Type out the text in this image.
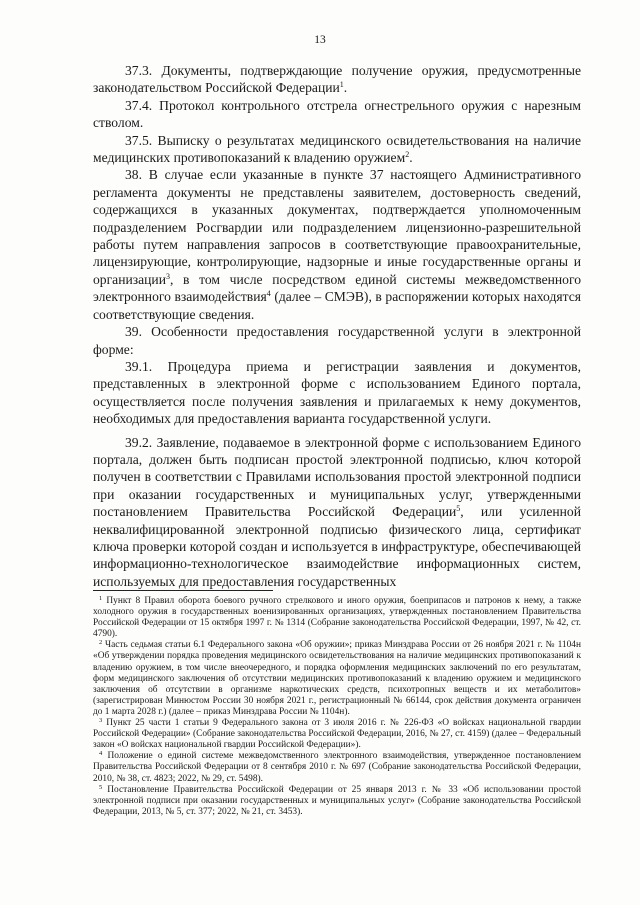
13

37.3. Документы, подтверждающие получение оружия, предусмотренные законодательством Российской Федерации$^1$.

37.4. Протокол контрольного отстрела огнестрельного оружия с нарезным стволом.

37.5. Выписку о результатах медицинского освидетельствования на наличие медицинских противопоказаний к владению оружием$^2$.

38. В случае если указанные в пункте 37 настоящего Административного регламента документы не представлены заявителем, достоверность сведений, содержащихся в указанных документах, подтверждается уполномоченным подразделением Росгвардии или подразделением лицензионно-разрешительной работы путем направления запросов в соответствующие правоохранительные, лицензирующие, контролирующие, надзорные и иные государственные органы и организации$^3$, в том числе посредством единой системы межведомственного электронного взаимодействия$^4$ (далее – СМЭВ), в распоряжении которых находятся соответствующие сведения.

39. Особенности предоставления государственной услуги в электронной форме:

39.1. Процедура приема и регистрации заявления и документов, представленных в электронной форме с использованием Единого портала, осуществляется после получения заявления и прилагаемых к нему документов, необходимых для предоставления варианта государственной услуги.

39.2. Заявление, подаваемое в электронной форме с использованием Единого портала, должен быть подписан простой электронной подписью, ключ которой получен в соответствии с Правилами использования простой электронной подписи при оказании государственных и муниципальных услуг, утвержденными постановлением Правительства Российской Федерации$^5$, или усиленной неквалифицированной электронной подписью физического лица, сертификат ключа проверки которой создан и используется в инфраструктуре, обеспечивающей информационно-технологическое взаимодействие информационных систем, используемых для предоставления государственных

$^1$ Пункт 8 Правил оборота боевого ручного стрелкового и иного оружия, боеприпасов и патронов к нему, а также холодного оружия в государственных военизированных организациях, утвержденных постановлением Правительства Российской Федерации от 15 октября 1997 г. № 1314 (Собрание законодательства Российской Федерации, 1997, № 42, ст. 4790).

$^2$ Часть седьмая статьи 6.1 Федерального закона «Об оружии»; приказ Минздрава России от 26 ноября 2021 г. № 1104н «Об утверждении порядка проведения медицинского освидетельствования на наличие медицинских противопоказаний к владению оружием, в том числе внеочередного, и порядка оформления медицинских заключений по его результатам, форм медицинского заключения об отсутствии медицинских противопоказаний к владению оружием и медицинского заключения об отсутствии в организме наркотических средств, психотропных веществ и их метаболитов» (зарегистрирован Минюстом России 30 ноября 2021 г., регистрационный № 66144, срок действия документа ограничен до 1 марта 2028 г.) (далее – приказ Минздрава России № 1104н).

$^3$ Пункт 25 части 1 статьи 9 Федерального закона от 3 июля 2016 г. № 226-ФЗ «О войсках национальной гвардии Российской Федерации» (Собрание законодательства Российской Федерации, 2016, № 27, ст. 4159) (далее – Федеральный закон «О войсках национальной гвардии Российской Федерации»).

$^4$ Положение о единой системе межведомственного электронного взаимодействия, утвержденное постановлением Правительства Российской Федерации от 8 сентября 2010 г. № 697 (Собрание законодательства Российской Федерации, 2010, № 38, ст. 4823; 2022, № 29, ст. 5498).

$^5$ Постановление Правительства Российской Федерации от 25 января 2013 г. № 33 «Об использовании простой электронной подписи при оказании государственных и муниципальных услуг» (Собрание законодательства Российской Федерации, 2013, № 5, ст. 377; 2022, № 21, ст. 3453).
